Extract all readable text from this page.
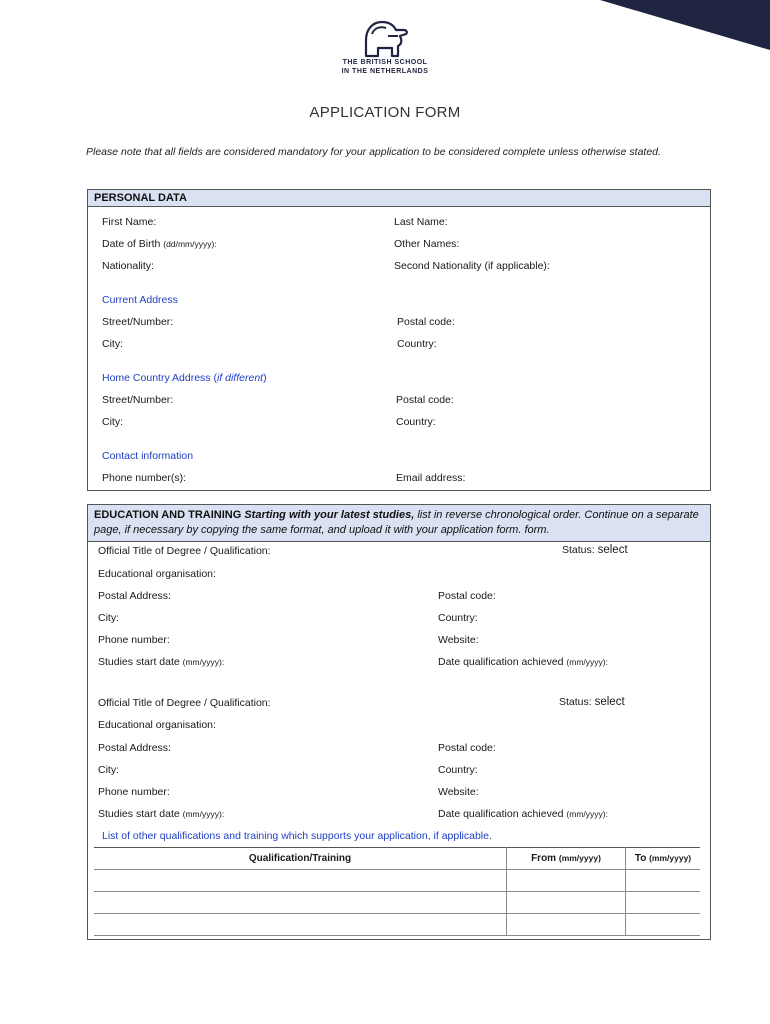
THE BRITISH SCHOOL
IN THE NETHERLANDS
APPLICATION FORM
Please note that all fields are considered mandatory for your application to be considered complete unless otherwise stated.
PERSONAL DATA
First Name:	Last Name:
Date of Birth (dd/mm/yyyy):	Other Names:
Nationality:	Second Nationality (if applicable):
Current Address
Street/Number:	Postal code:
City:	Country:
Home Country Address (if different)
Street/Number:	Postal code:
City:	Country:
Contact information
Phone number(s):	Email address:
EDUCATION AND TRAINING Starting with your latest studies, list in reverse chronological order. Continue on a separate page, if necessary by copying the same format, and upload it with your application form. form.
Official Title of Degree / Qualification:	Status: select
Educational organisation:
Postal Address:	Postal code:
City:	Country:
Phone number:	Website:
Studies start date (mm/yyyy):	Date qualification achieved (mm/yyyy):
Official Title of Degree / Qualification:	Status: select
Educational organisation:
Postal Address:	Postal code:
City:	Country:
Phone number:	Website:
Studies start date (mm/yyyy):	Date qualification achieved (mm/yyyy):
List of other qualifications and training which supports your application, if applicable.
Qualification/Training	From (mm/yyyy)	To (mm/yyyy)
